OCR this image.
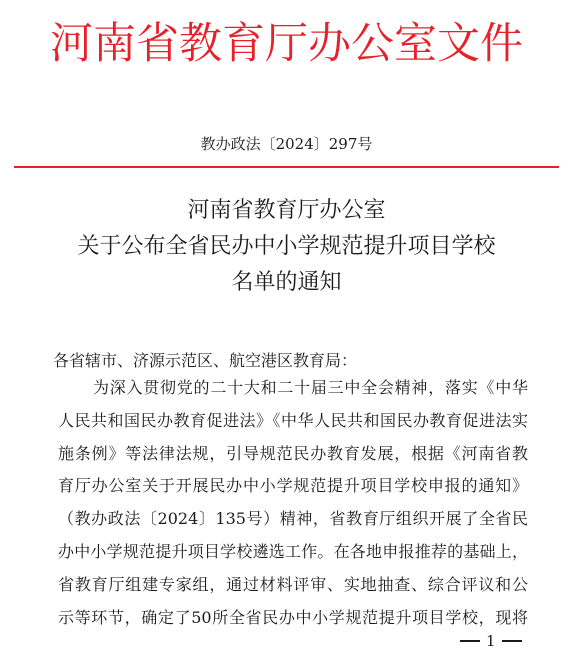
河南省教育厅办公室文件
教办政法〔2024〕297号
河南省教育厅办公室
关于公布全省民办中小学规范提升项目学校
名单的通知
各省辖市、济源示范区、航空港区教育局：
为深入贯彻党的二十大和二十届三中全会精神，落实《中华
人民共和国民办教育促进法》《中华人民共和国民办教育促进法实
施条例》等法律法规，引导规范民办教育发展，根据《河南省教
育厅办公室关于开展民办中小学规范提升项目学校申报的通知》
（教办政法〔2024〕135号）精神，省教育厅组织开展了全省民
办中小学规范提升项目学校遴选工作。在各地申报推荐的基础上，
省教育厅组建专家组，通过材料评审、实地抽查、综合评议和公
示等环节，确定了50所全省民办中小学规范提升项目学校，现将
1
